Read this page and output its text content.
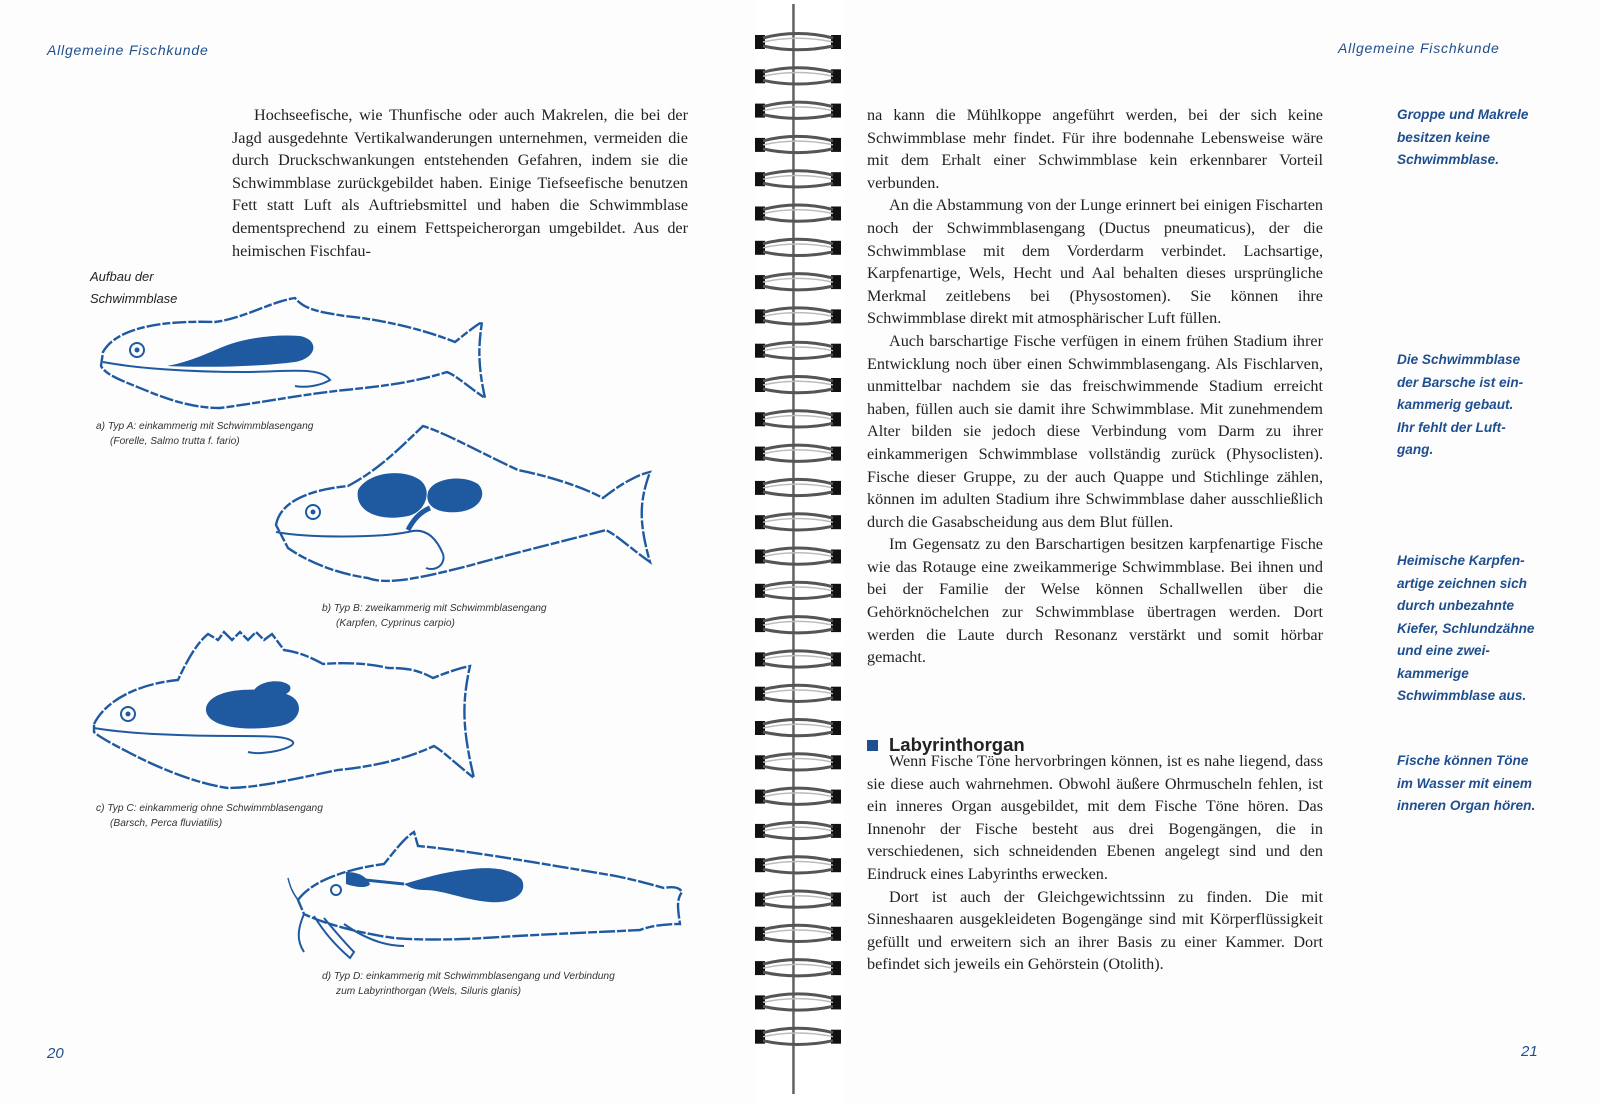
Allgemeine Fischkunde

Hochseefische, wie Thunfische oder auch Makrelen, die bei der Jagd ausgedehnte Vertikalwanderungen unternehmen, vermeiden die durch Druckschwankungen entstehenden Gefahren, indem sie die Schwimmblase zurückgebildet haben. Einige Tiefseefische benutzen Fett statt Luft als Auftriebsmittel und haben die Schwimmblase dementsprechend zu einem Fettspeicherorgan umgebildet. Aus der heimischen Fischfau-

Aufbau der
Schwimmblase
a) Typ A: einkammerig mit Schwimmblasengang
(Forelle, Salmo trutta f. fario)
b) Typ B: zweikammerig mit Schwimmblasengang
(Karpfen, Cyprinus carpio)
c) Typ C: einkammerig ohne Schwimmblasengang
(Barsch, Perca fluviatilis)
d) Typ D: einkammerig mit Schwimmblasengang und Verbindung
zum Labyrinthorgan (Wels, Siluris glanis)
20
Allgemeine Fischkunde

na kann die Mühlkoppe angeführt werden, bei der sich keine Schwimmblase mehr findet. Für ihre bodennahe Lebensweise wäre mit dem Erhalt einer Schwimmblase kein erkennbarer Vorteil verbunden.

An die Abstammung von der Lunge erinnert bei einigen Fischarten noch der Schwimmblasengang (Ductus pneumaticus), der die Schwimmblase mit dem Vorderdarm verbindet. Lachsartige, Karpfenartige, Wels, Hecht und Aal behalten dieses ursprüngliche Merkmal zeitlebens bei (Physostomen). Sie können ihre Schwimmblase direkt mit atmosphärischer Luft füllen.

Auch barschartige Fische verfügen in einem frühen Stadium ihrer Entwicklung noch über einen Schwimmblasengang. Als Fischlarven, unmittelbar nachdem sie das freischwimmende Stadium erreicht haben, füllen auch sie damit ihre Schwimmblase. Mit zunehmendem Alter bilden sie jedoch diese Verbindung vom Darm zu ihrer einkammerigen Schwimmblase vollständig zurück (Physoclisten). Fische dieser Gruppe, zu der auch Quappe und Stichlinge zählen, können im adulten Stadium ihre Schwimmblase daher ausschließlich durch die Gasabscheidung aus dem Blut füllen.

Im Gegensatz zu den Barschartigen besitzen karpfenartige Fische wie das Rotauge eine zweikammerige Schwimmblase. Bei ihnen und bei der Familie der Welse können Schallwellen über die Gehörknöchelchen zur Schwimmblase übertragen werden. Dort werden die Laute durch Resonanz verstärkt und somit hörbar gemacht.

Labyrinthorgan

Wenn Fische Töne hervorbringen können, ist es nahe liegend, dass sie diese auch wahrnehmen. Obwohl äußere Ohrmuscheln fehlen, ist ein inneres Organ ausgebildet, mit dem Fische Töne hören. Das Innenohr der Fische besteht aus drei Bogengängen, die in verschiedenen, sich schneidenden Ebenen angelegt sind und den Eindruck eines Labyrinths erwecken.

Dort ist auch der Gleichgewichtssinn zu finden. Die mit Sinneshaaren ausgekleideten Bogengänge sind mit Körperflüssigkeit gefüllt und erweitern sich an ihrer Basis zu einer Kammer. Dort befindet sich jeweils ein Gehörstein (Otolith).

Groppe und Makrele
besitzen keine
Schwimmblase.
Die Schwimmblase
der Barsche ist ein-
kammerig gebaut.
Ihr fehlt der Luft-
gang.
Heimische Karpfen-
artige zeichnen sich
durch unbezahnte
Kiefer, Schlundzähne
und eine zwei-
kammerige
Schwimmblase aus.
Fische können Töne
im Wasser mit einem
inneren Organ hören.
21
